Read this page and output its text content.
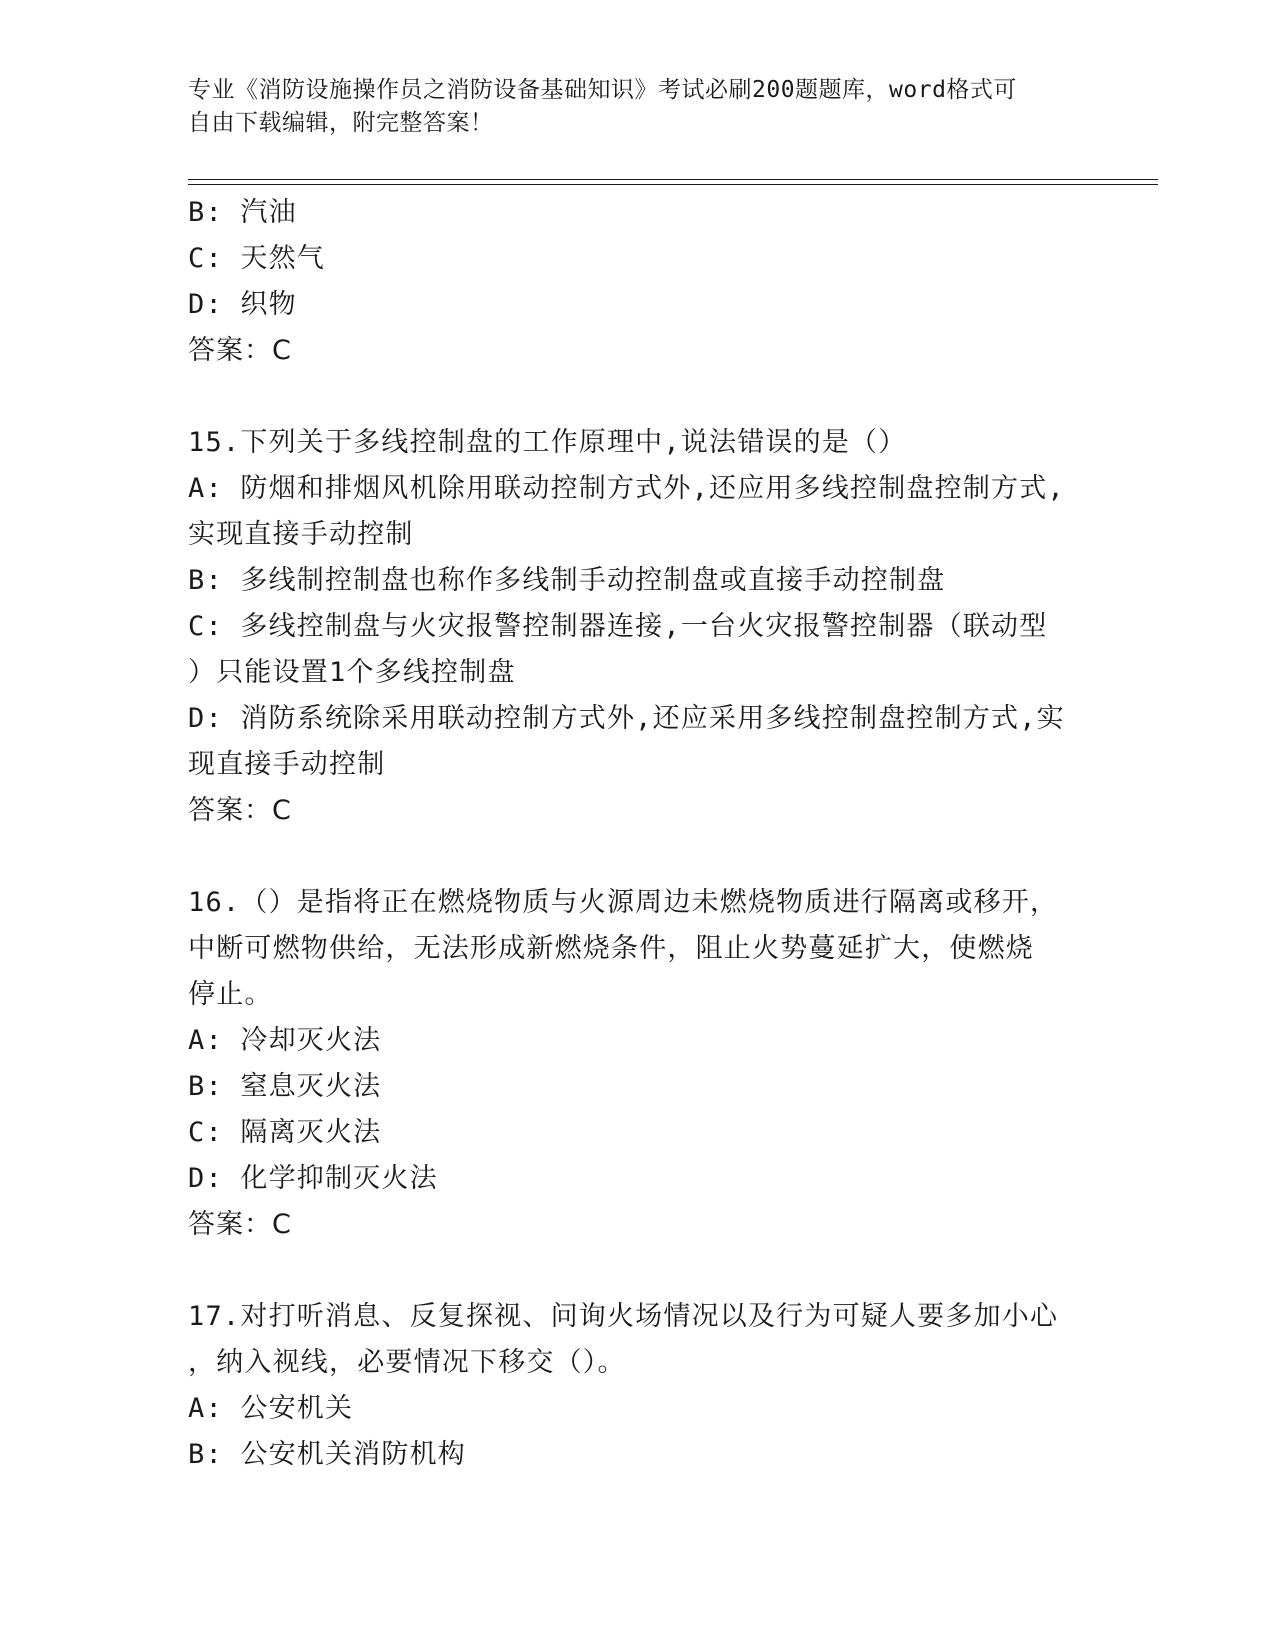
专业《消防设施操作员之消防设备基础知识》考试必刷200题题库，word格式可
自由下载编辑，附完整答案！
B: 汽油
C: 天然气
D: 织物
答案：C
15.下列关于多线控制盘的工作原理中,说法错误的是（）
A: 防烟和排烟风机除用联动控制方式外,还应用多线控制盘控制方式,
实现直接手动控制
B: 多线制控制盘也称作多线制手动控制盘或直接手动控制盘
C: 多线控制盘与火灾报警控制器连接,一台火灾报警控制器（联动型
）只能设置1个多线控制盘
D: 消防系统除采用联动控制方式外,还应采用多线控制盘控制方式,实
现直接手动控制
答案：C
16.（）是指将正在燃烧物质与火源周边未燃烧物质进行隔离或移开，
中断可燃物供给，无法形成新燃烧条件，阻止火势蔓延扩大，使燃烧
停止。
A: 冷却灭火法
B: 窒息灭火法
C: 隔离灭火法
D: 化学抑制灭火法
答案：C
17.对打听消息、反复探视、问询火场情况以及行为可疑人要多加小心
，纳入视线，必要情况下移交（）。
A: 公安机关
B: 公安机关消防机构
